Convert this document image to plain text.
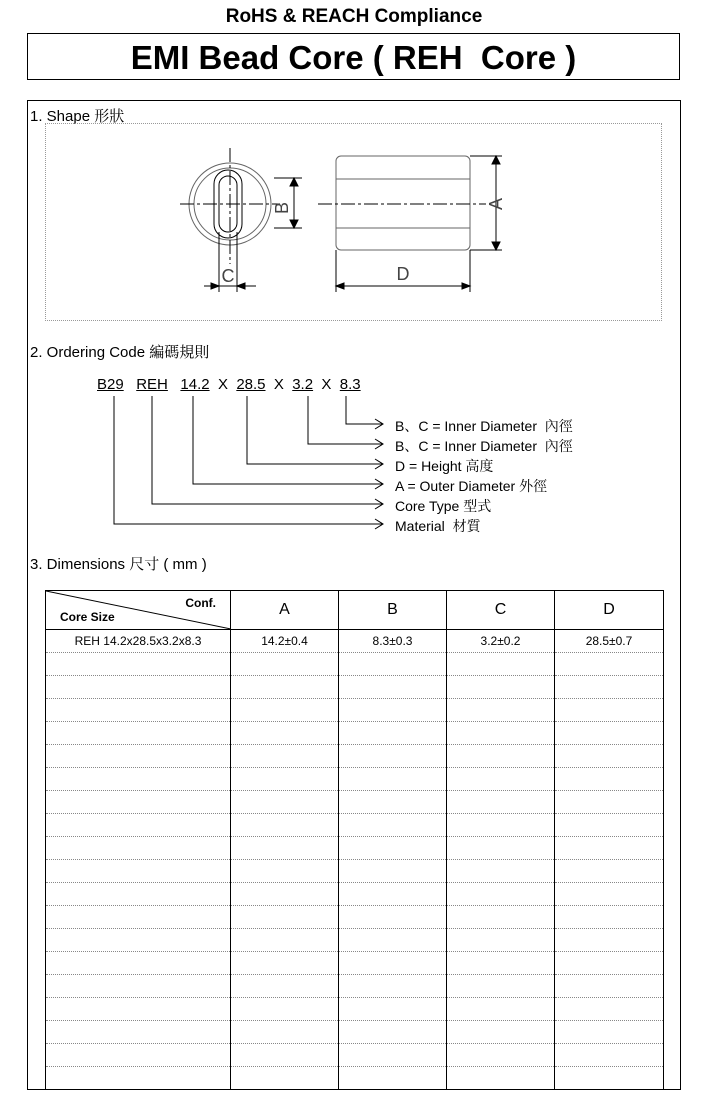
RoHS & REACH Compliance
EMI Bead Core ( REH  Core )
1. Shape 形狀
B
C
A
D
2. Ordering Code 編碼規則
B29 REH 14.2 X 28.5 X 3.2 X 8.3
B、C = Inner Diameter  內徑
B、C = Inner Diameter  內徑
D = Height 高度
A = Outer Diameter 外徑
Core Type 型式
Material  材質
3. Dimensions 尺寸 ( mm )
Conf.
Core Size	A	B	C	D
REH 14.2x28.5x3.2x8.3	14.2±0.4	8.3±0.3	3.2±0.2	28.5±0.7
